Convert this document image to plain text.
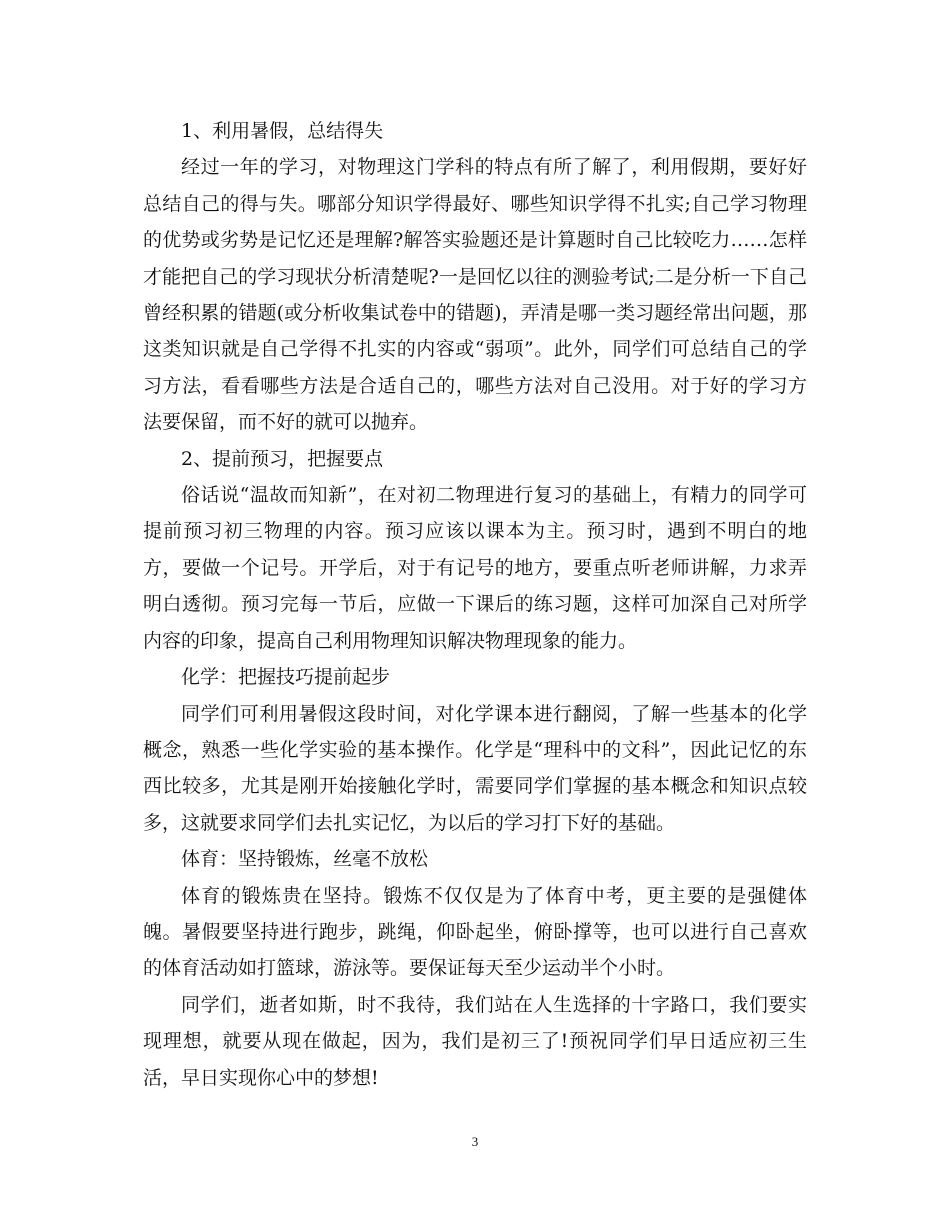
1、利用暑假，总结得失

经过一年的学习，对物理这门学科的特点有所了解了，利用假期，要好好总结自己的得与失。哪部分知识学得最好、哪些知识学得不扎实;自己学习物理的优势或劣势是记忆还是理解?解答实验题还是计算题时自己比较吃力……怎样才能把自己的学习现状分析清楚呢?一是回忆以往的测验考试;二是分析一下自己曾经积累的错题(或分析收集试卷中的错题)，弄清是哪一类习题经常出问题，那这类知识就是自己学得不扎实的内容或“弱项”。此外，同学们可总结自己的学习方法，看看哪些方法是合适自己的，哪些方法对自己没用。对于好的学习方法要保留，而不好的就可以抛弃。

2、提前预习，把握要点

俗话说“温故而知新”，在对初二物理进行复习的基础上，有精力的同学可提前预习初三物理的内容。预习应该以课本为主。预习时，遇到不明白的地方，要做一个记号。开学后，对于有记号的地方，要重点听老师讲解，力求弄明白透彻。预习完每一节后，应做一下课后的练习题，这样可加深自己对所学内容的印象，提高自己利用物理知识解决物理现象的能力。

化学：把握技巧提前起步

同学们可利用暑假这段时间，对化学课本进行翻阅，了解一些基本的化学概念，熟悉一些化学实验的基本操作。化学是“理科中的文科”，因此记忆的东西比较多，尤其是刚开始接触化学时，需要同学们掌握的基本概念和知识点较多，这就要求同学们去扎实记忆，为以后的学习打下好的基础。

体育：坚持锻炼，丝毫不放松

体育的锻炼贵在坚持。锻炼不仅仅是为了体育中考，更主要的是强健体魄。暑假要坚持进行跑步，跳绳，仰卧起坐，俯卧撑等，也可以进行自己喜欢的体育活动如打篮球，游泳等。要保证每天至少运动半个小时。

同学们，逝者如斯，时不我待，我们站在人生选择的十字路口，我们要实现理想，就要从现在做起，因为，我们是初三了!预祝同学们早日适应初三生活，早日实现你心中的梦想!

3
